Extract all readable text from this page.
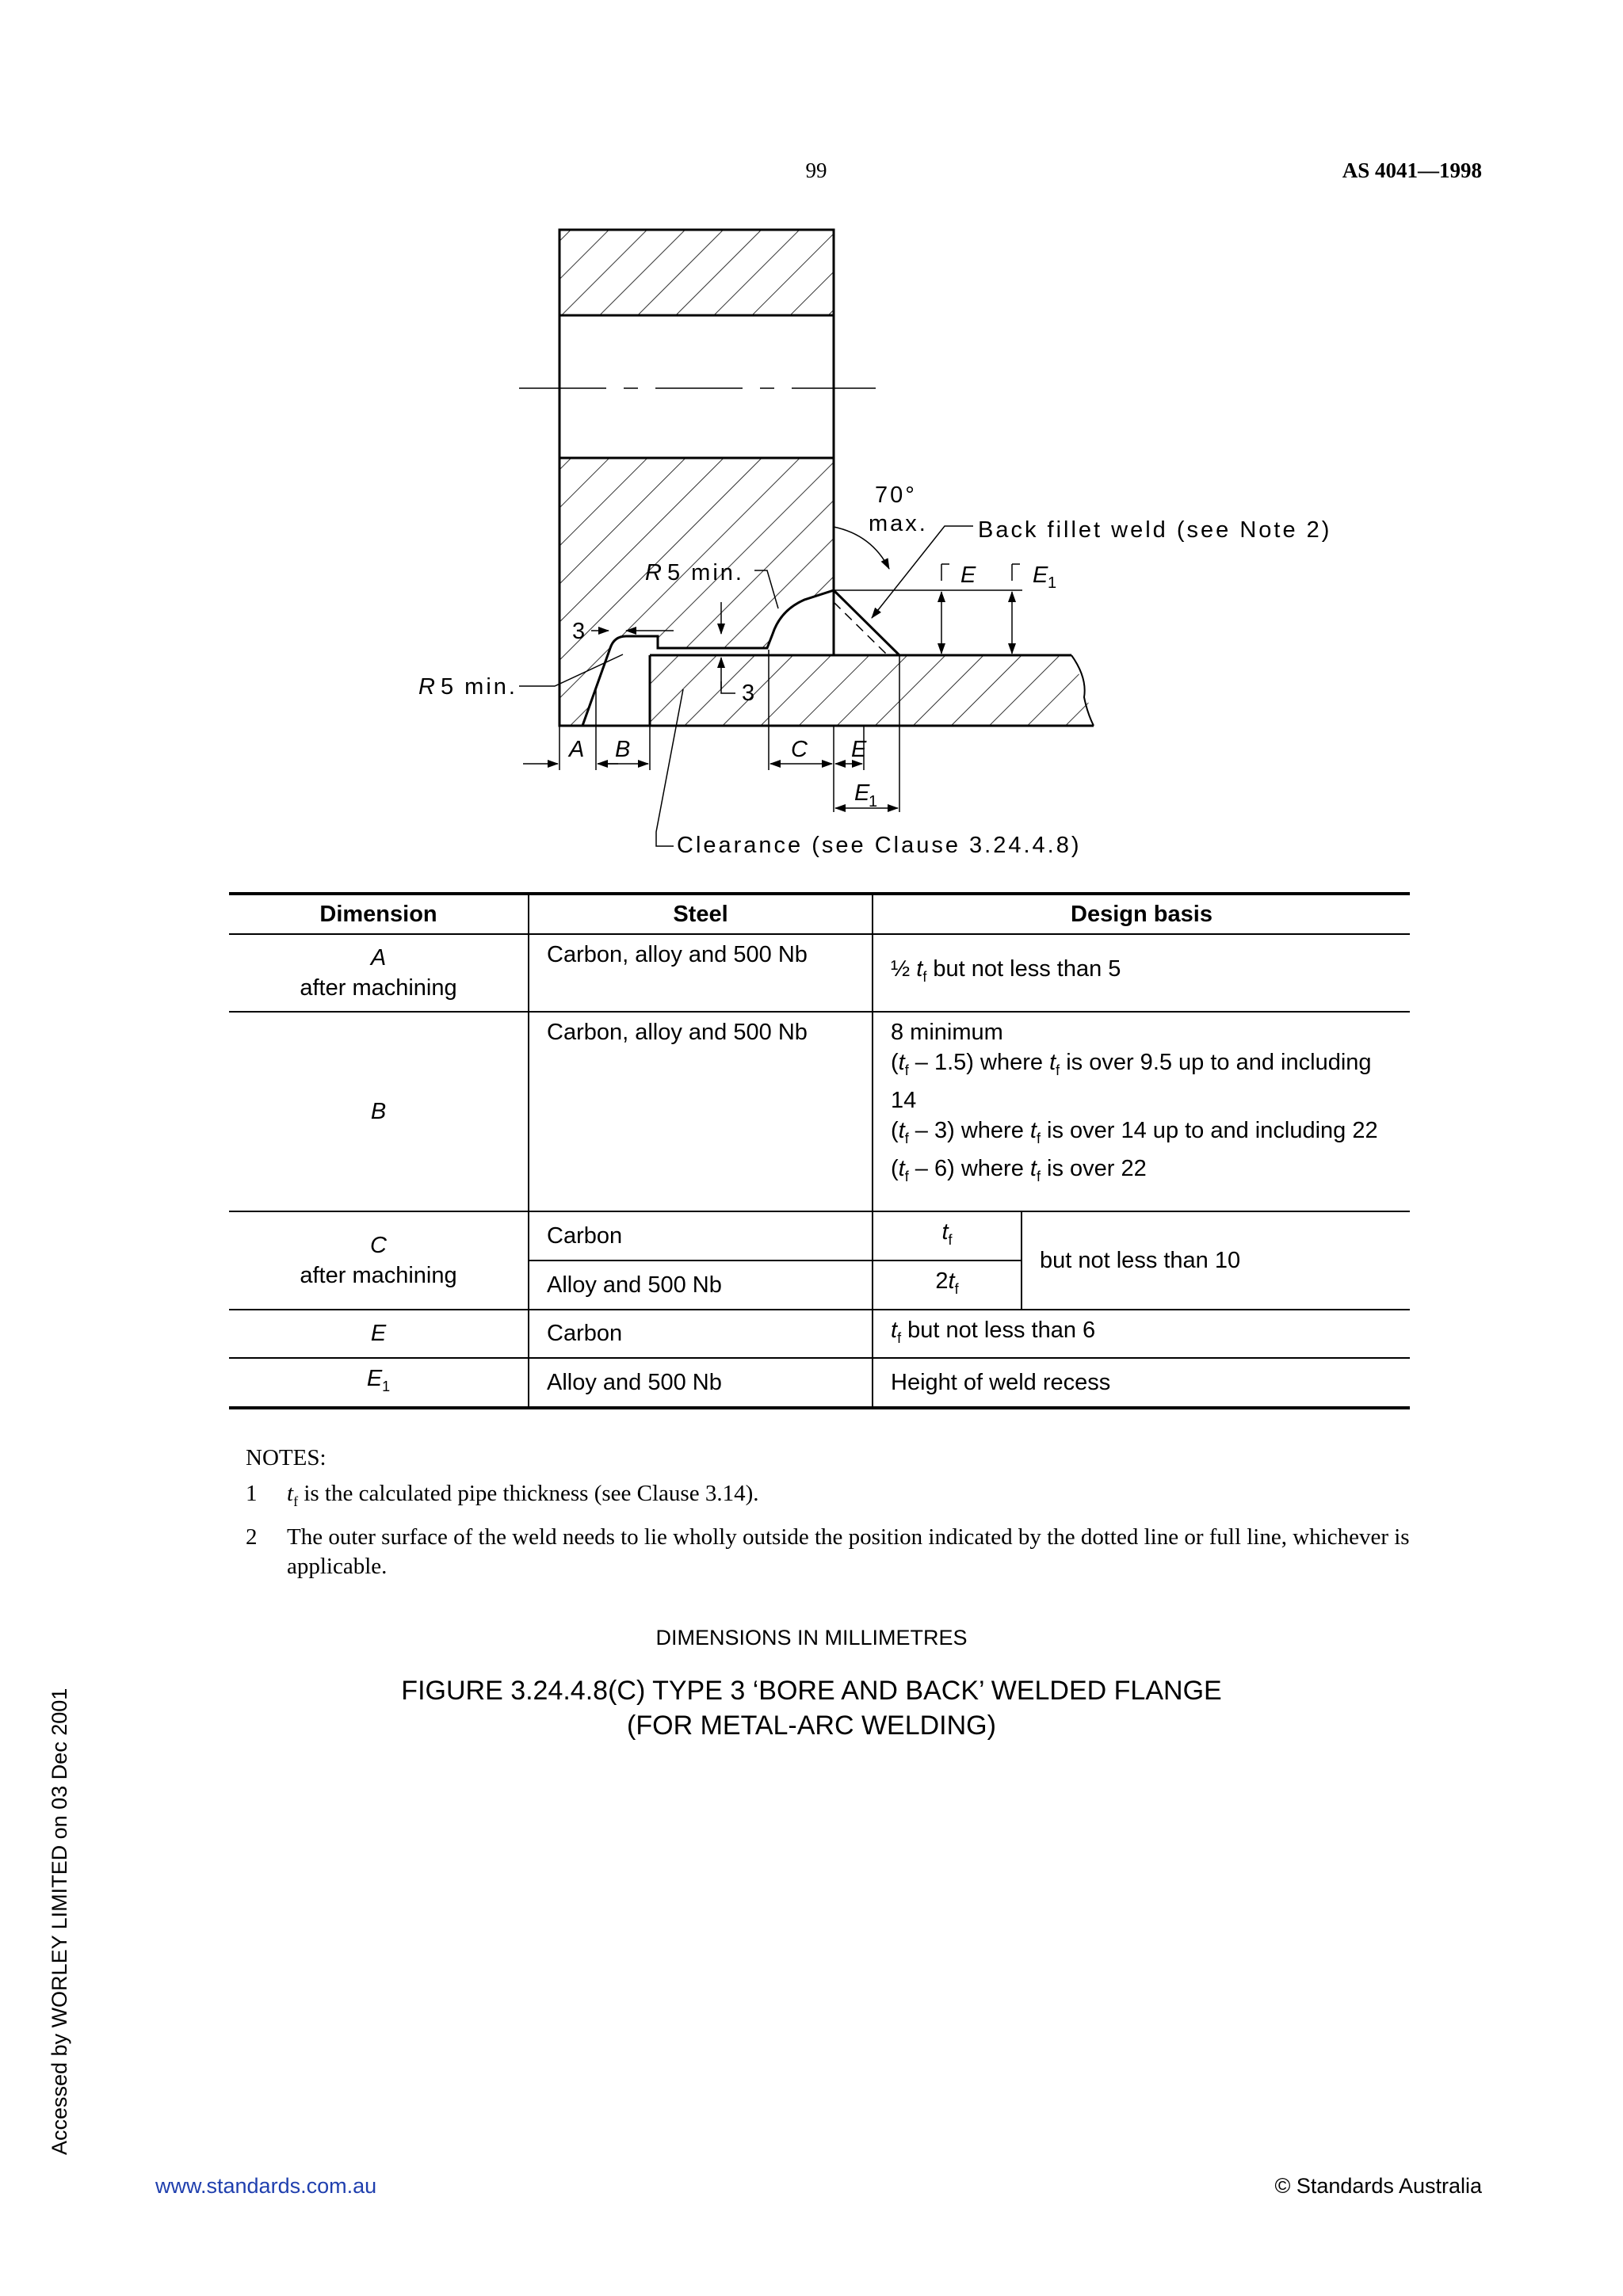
99	AS 4041—1998
70°
max. Back fillet weld (see Note 2)
R 5 min.
3
3
R 5 min.
E E
1
A B	C E
E
1
Clearance (see Clause 3.24.4.8)
Dimension	Steel	Design basis	
A
after machining	Carbon, alloy and 500 Nb	½ $t_f$ but not less than 5	
B	Carbon, alloy and 500 Nb	8 minimum
$(t_f - 1.5)$ where $t_f$ is over 9.5 up to and including 14
$(t_f - 3)$ where $t_f$ is over 14 up to and including 22
$(t_f - 6)$ where $t_f$ is over 22	
C
after machining	Carbon	$t_f$	but not less than 10
	Alloy and 500 Nb	$2t_f$
E	Carbon	$t_f$ but not less than 6	
$E_1$	Alloy and 500 Nb	Height of weld recess	
NOTES:
1	$t_f$ is the calculated pipe thickness (see Clause 3.14).
2	The outer surface of the weld needs to lie wholly outside the position indicated by the dotted line or full line, whichever is applicable.
DIMENSIONS IN MILLIMETRES
FIGURE 3.24.4.8(C) TYPE 3 ‘BORE AND BACK’ WELDED FLANGE
(FOR METAL-ARC WELDING)
Accessed by WORLEY LIMITED on 03 Dec 2001
www.standards.com.au	© Standards Australia
